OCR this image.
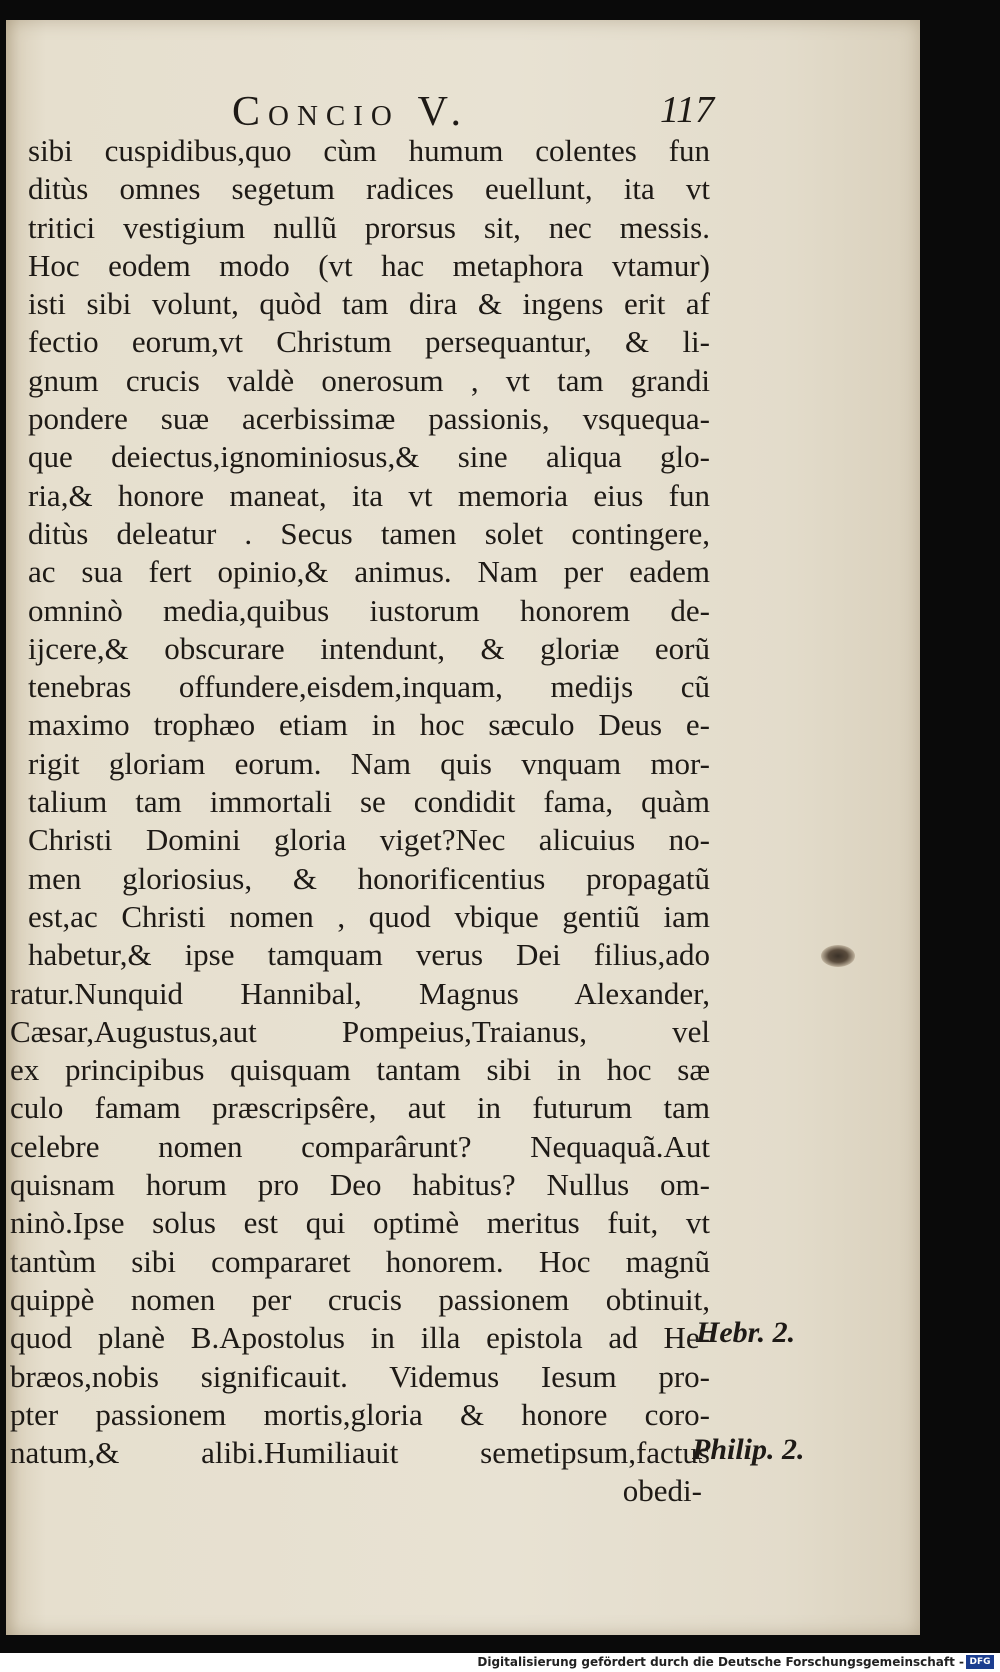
Concio V.	117
sibi cuspidibus,quo cùm humum colentes fun
ditùs omnes segetum radices euellunt, ita vt
tritici vestigium nullũ prorsus sit, nec messis.
Hoc eodem modo (vt hac metaphora vtamur)
isti sibi volunt, quòd tam dira & ingens erit af
fectio eorum,vt Christum persequantur, & li-
gnum crucis valdè onerosum , vt tam grandi
pondere suæ acerbissimæ passionis, vsquequa-
que deiectus,ignominiosus,& sine aliqua glo-
ria,& honore maneat, ita vt memoria eius fun
ditùs deleatur . Secus tamen solet contingere,
ac sua fert opinio,& animus. Nam per eadem
omninò media,quibus iustorum honorem de-
ijcere,& obscurare intendunt, & gloriæ eorũ
tenebras offundere,eisdem,inquam, medijs cũ
maximo trophæo etiam in hoc sæculo Deus e-
rigit gloriam eorum. Nam quis vnquam mor-
talium tam immortali se condidit fama, quàm
Christi Domini gloria viget?Nec alicuius no-
men gloriosius, & honorificentius propagatũ
est,ac Christi nomen , quod vbique gentiũ iam
habetur,& ipse tamquam verus Dei filius,ado
ratur.Nunquid Hannibal, Magnus Alexander,
Cæsar,Augustus,aut Pompeius,Traianus, vel
ex principibus quisquam tantam sibi in hoc sæ
culo famam præscripsêre, aut in futurum tam
celebre nomen comparârunt? Nequaquã.Aut
quisnam horum pro Deo habitus? Nullus om-
ninò.Ipse solus est qui optimè meritus fuit, vt
tantùm sibi compararet honorem. Hoc magnũ
quippè nomen per crucis passionem obtinuit,
quod planè B.Apostolus in illa epistola ad He-
bræos,nobis significauit. Videmus Iesum pro-
pter passionem mortis,gloria & honore coro-
natum,& alibi.Humiliauit semetipsum,factus
obedi-
Hebr. 2.
Philip. 2.
Digitalisierung gefördert durch die Deutsche Forschungsgemeinschaft - DFG
